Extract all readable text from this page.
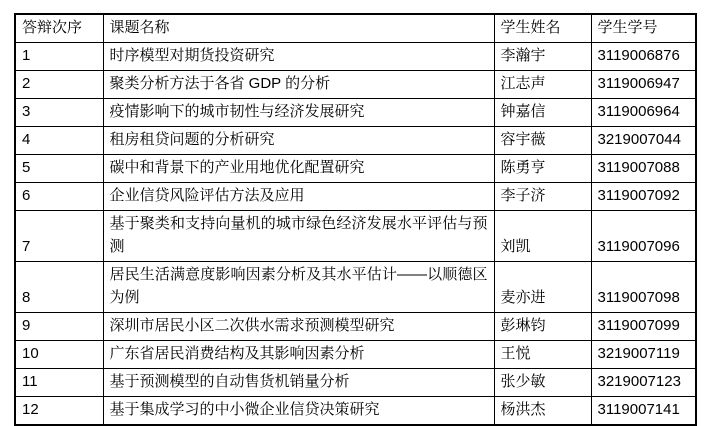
答辩次序	课题名称	学生姓名	学生学号
1	时序模型对期货投资研究	李瀚宇	3119006876
2	聚类分析方法于各省 GDP 的分析	江志声	3119006947
3	疫情影响下的城市韧性与经济发展研究	钟嘉信	3119006964
4	租房租贷问题的分析研究	容宇薇	3219007044
5	碳中和背景下的产业用地优化配置研究	陈勇亨	3119007088
6	企业信贷风险评估方法及应用	李子济	3119007092
7	基于聚类和支持向量机的城市绿色经济发展水平评估与预测	刘凯	3119007096
8	居民生活满意度影响因素分析及其水平估计——以顺德区为例	麦亦进	3119007098
9	深圳市居民小区二次供水需求预测模型研究	彭琳钧	3119007099
10	广东省居民消费结构及其影响因素分析	王悦	3219007119
11	基于预测模型的自动售货机销量分析	张少敏	3219007123
12	基于集成学习的中小微企业信贷决策研究	杨洪杰	3119007141
